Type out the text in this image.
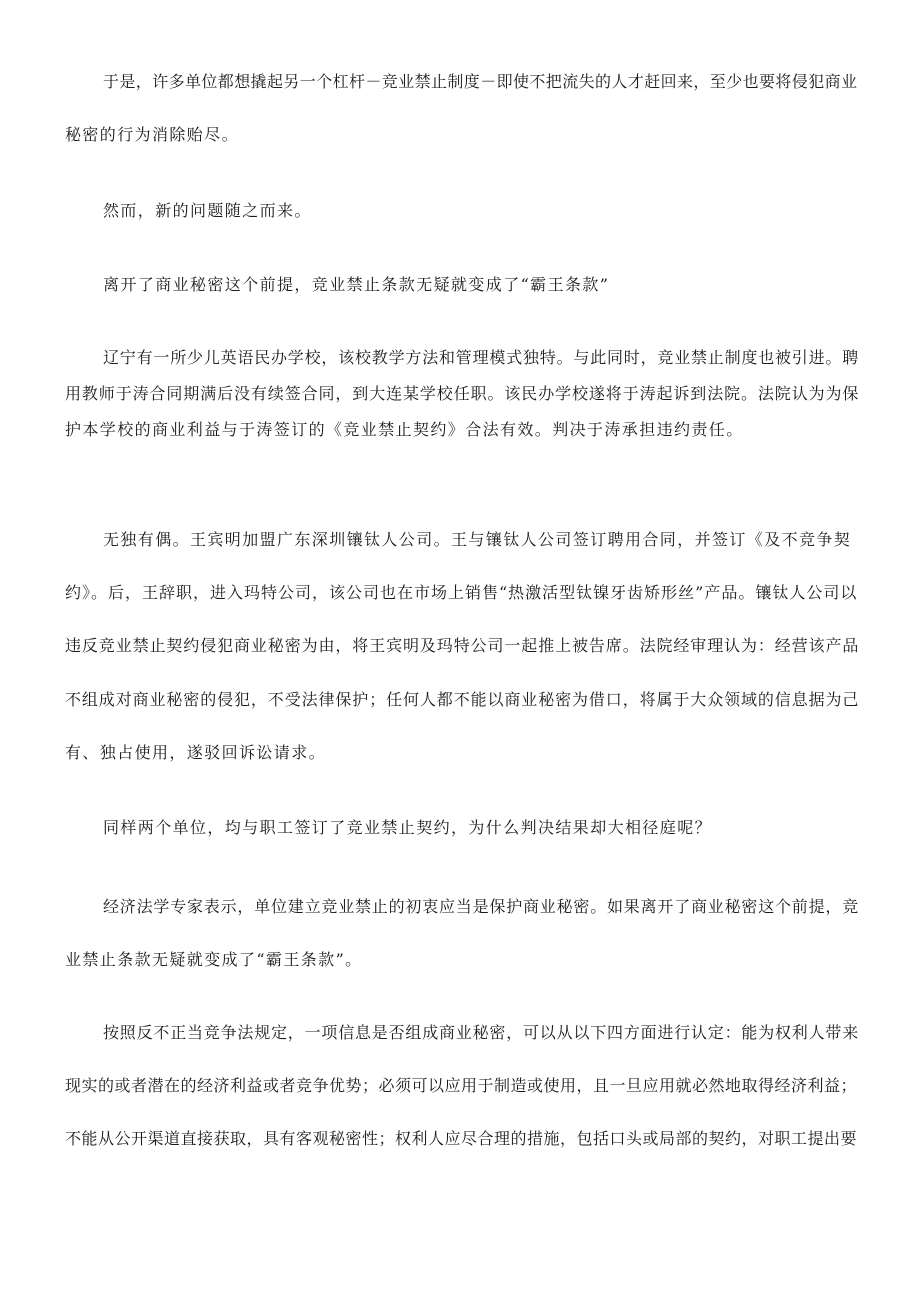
于是，许多单位都想撬起另一个杠杆－竞业禁止制度－即使不把流失的人才赶回来，至少也要将侵犯商业
秘密的行为消除贻尽。
然而，新的问题随之而来。
离开了商业秘密这个前提，竞业禁止条款无疑就变成了“霸王条款”
辽宁有一所少儿英语民办学校，该校教学方法和管理模式独特。与此同时，竞业禁止制度也被引进。聘
用教师于涛合同期满后没有续签合同，到大连某学校任职。该民办学校遂将于涛起诉到法院。法院认为为保
护本学校的商业利益与于涛签订的《竞业禁止契约》合法有效。判决于涛承担违约责任。
无独有偶。王宾明加盟广东深圳镶钛人公司。王与镶钛人公司签订聘用合同，并签订《及不竞争契
约》。后，王辞职，进入玛特公司，该公司也在市场上销售“热激活型钛镍牙齿矫形丝”产品。镶钛人公司以
违反竞业禁止契约侵犯商业秘密为由，将王宾明及玛特公司一起推上被告席。法院经审理认为：经营该产品
不组成对商业秘密的侵犯，不受法律保护；任何人都不能以商业秘密为借口，将属于大众领域的信息据为己
有、独占使用，遂驳回诉讼请求。
同样两个单位，均与职工签订了竞业禁止契约，为什么判决结果却大相径庭呢？
经济法学专家表示，单位建立竞业禁止的初衷应当是保护商业秘密。如果离开了商业秘密这个前提，竞
业禁止条款无疑就变成了“霸王条款”。
按照反不正当竞争法规定，一项信息是否组成商业秘密，可以从以下四方面进行认定：能为权利人带来
现实的或者潜在的经济利益或者竞争优势；必须可以应用于制造或使用，且一旦应用就必然地取得经济利益；
不能从公开渠道直接获取，具有客观秘密性；权利人应尽合理的措施，包括口头或局部的契约，对职工提出要
